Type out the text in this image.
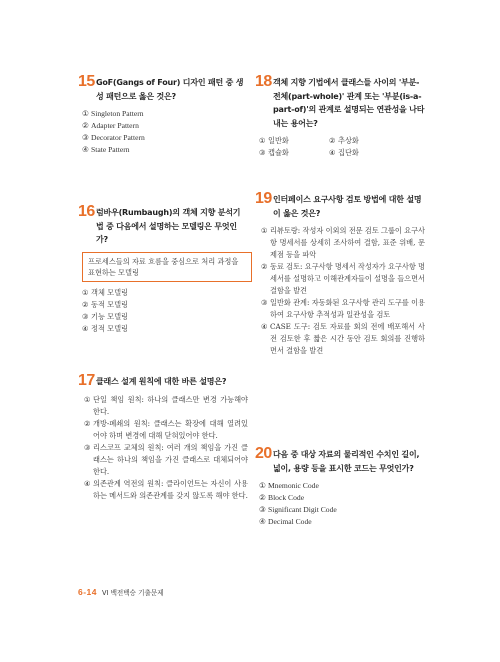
15 GoF(Gangs of Four) 디자인 패턴 중 생성 패턴으로 옳은 것은?
① Singleton Pattern
② Adapter Pattern
③ Decorator Pattern
④ State Pattern
16 럼바우(Rumbaugh)의 객체 지향 분석기법 중 다음에서 설명하는 모델링은 무엇인가?
프로세스들의 자료 흐름을 중심으로 처리 과정을 표현하는 모델링
① 객체 모델링
② 동적 모델링
③ 기능 모델링
④ 정적 모델링
17 클래스 설계 원칙에 대한 바른 설명은?
① 단일 책임 원칙: 하나의 클래스만 변경 가능해야 한다.
② 개방-폐쇄의 원칙: 클래스는 확장에 대해 열려있어야 하며 변경에 대해 닫혀있어야 한다.
③ 리스코프 교체의 원칙: 여러 개의 책임을 가진 클래스는 하나의 책임을 가진 클래스로 대체되어야 한다.
④ 의존관계 역전의 원칙: 클라이언트는 자신이 사용하는 메서드와 의존관계를 갖지 않도록 해야 한다.
18 객체 지향 기법에서 클래스들 사이의 '부분-전체(part-whole)' 관계 또는 '부분(is-a-part-of)'의 관계로 설명되는 연관성을 나타내는 용어는?
① 일반화	② 추상화
③ 캡슐화	④ 집단화
19 인터페이스 요구사항 검토 방법에 대한 설명이 옳은 것은?
① 리뷰토랑: 작성자 이외의 전문 검토 그룹이 요구사항 명세서를 상세히 조사하여 결함, 표준 위배, 문제점 등을 파악
② 동료 검토: 요구사항 명세서 작성자가 요구사항 명세서를 설명하고 이해관계자들이 설명을 들으면서 결함을 발견
③ 일반화 관계: 자동화된 요구사항 관리 도구를 이용하여 요구사항 추적성과 일관성을 검토
④ CASE 도구: 검토 자료를 회의 전에 배포해서 사전 검토한 후 짧은 시간 동안 검토 회의를 진행하면서 결함을 발견
20 다음 중 대상 자료의 물리적인 수치인 길이, 넓이, 용량 등을 표시한 코드는 무엇인가?
① Mnemonic Code
② Block Code
③ Significant Digit Code
④ Decimal Code
6-14 VI 백전백승 기출문제
